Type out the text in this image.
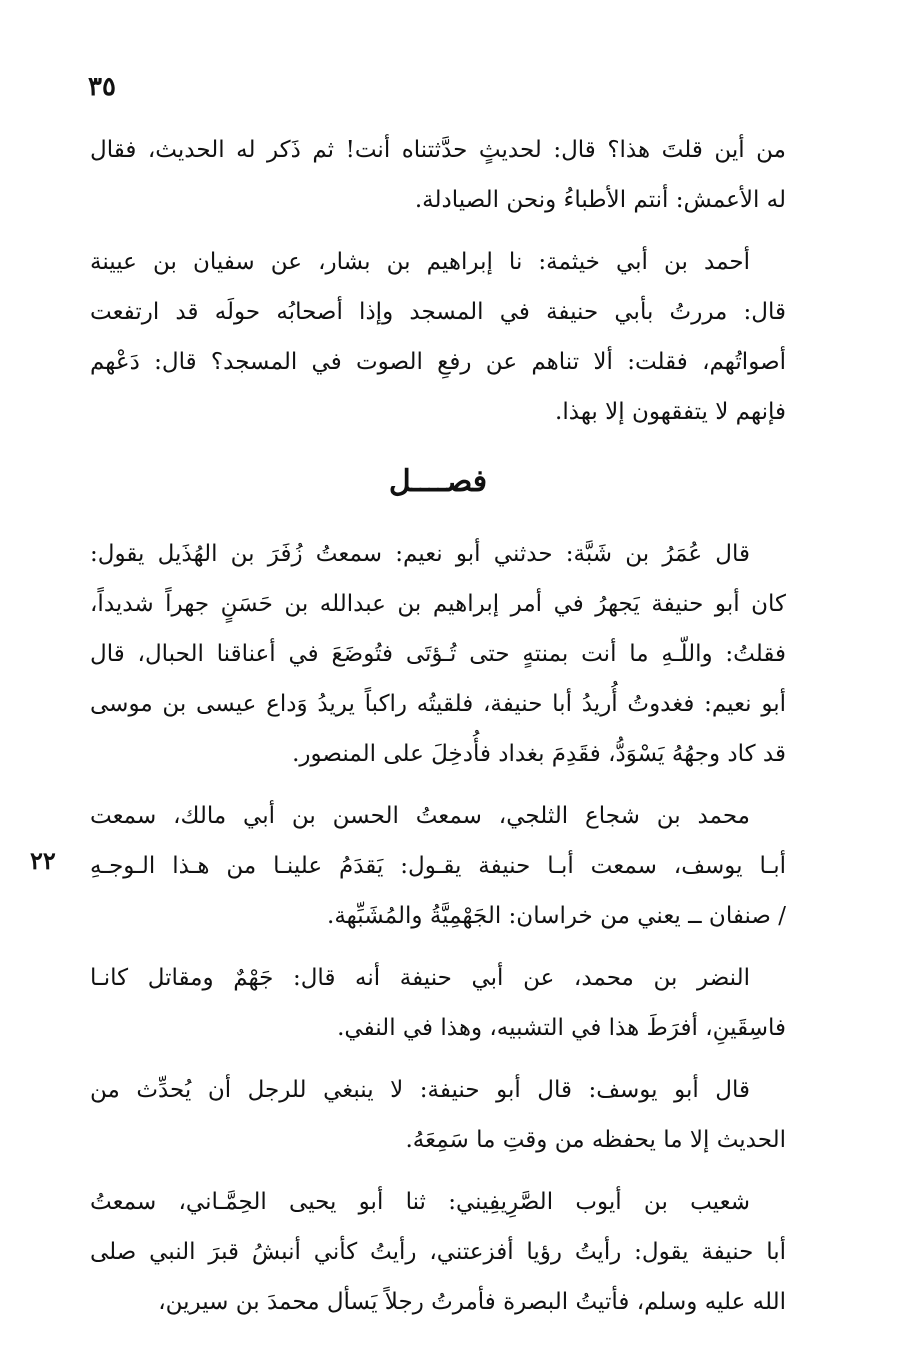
٣٥
٢٢

من أين قلتَ هذا؟ قال: لحديثٍ حدَّثتناه أنت! ثم ذَكر له الحديث، فقال
له الأعمش: أنتم الأطباءُ ونحن الصيادلة.

أحمد بن أبي خيثمة: نا إبراهيم بن بشار، عن سفيان بن عيينة
قال: مررتُ بأبي حنيفة في المسجد وإذا أصحابُه حولَه قد ارتفعت
أصواتُهم، فقلت: ألا تناهم عن رفعِ الصوت في المسجد؟ قال: دَعْهم
فإنهم لا يتفقهون إلا بهذا.

فصــــل

قال عُمَرُ بن شَبَّة: حدثني أبو نعيم: سمعتُ زُفَرَ بن الهُذَيل يقول:
كان أبو حنيفة يَجهرُ في أمر إبراهيم بن عبدالله بن حَسَنٍ جهراً شديداً،
فقلتُ: واللّـهِ ما أنت بمنتهٍ حتى تُـؤتَى فتُوضَعَ في أعناقنا الحبال، قال
أبو نعيم: فغدوتُ أُريدُ أبا حنيفة، فلقيتُه راكباً يريدُ وَداع عيسى بن موسى
قد كاد وجهُهُ يَسْوَدُّ، فقَدِمَ بغداد فأُدخِلَ على المنصور.

محمد بن شجاع الثلجي، سمعتُ الحسن بن أبي مالك، سمعت
أبـا يوسف، سمعت أبـا حنيفة يقـول: يَقدَمُ علينـا من هـذا الـوجـهِ
/ صنفان ــ يعني من خراسان: الجَهْمِيَّةُ والمُشَبِّهة.

النضر بن محمد، عن أبي حنيفة أنه قال: جَهْمٌ ومقاتل كانـا
فاسِقَينِ، أفرَطَ هذا في التشبيه، وهذا في النفي.

قال أبو يوسف: قال أبو حنيفة: لا ينبغي للرجل أن يُحدِّث من
الحديث إلا ما يحفظه من وقتِ ما سَمِعَهُ.

شعيب بن أيوب الصَّرِيفِيني: ثنا أبو يحيى الحِمَّـاني، سمعتُ
أبا حنيفة يقول: رأيتُ رؤيا أفزعتني، رأيتُ كأني أنبشُ قبرَ النبي صلى
الله عليه وسلم، فأتيتُ البصرة فأمرتُ رجلاً يَسأل محمدَ بن سيرين،
